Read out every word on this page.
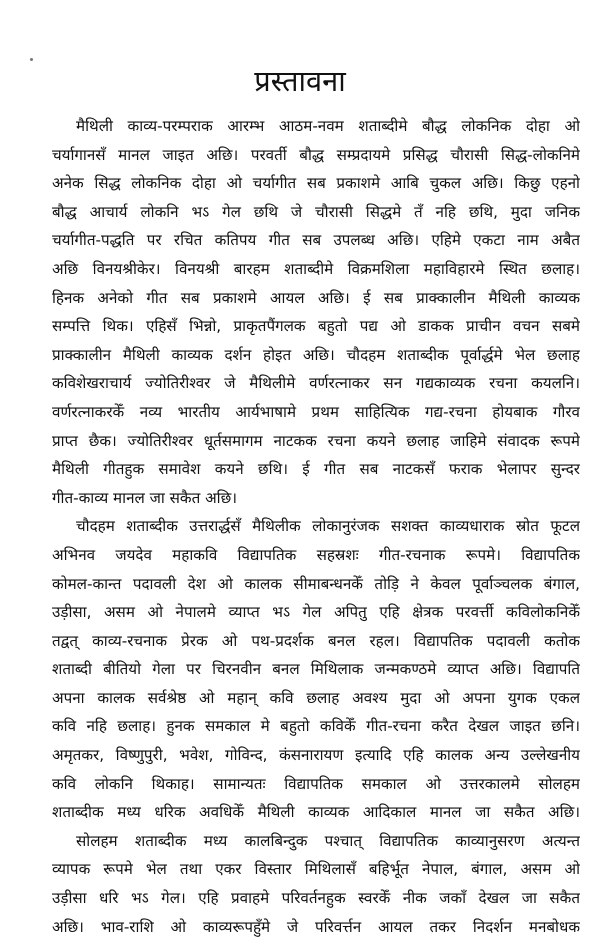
प्रस्तावना
मैथिली काव्य-परम्पराक आरम्भ आठम-नवम शताब्दीमे बौद्ध लोकनिक दोहा ओ
चर्यागानसँ मानल जाइत अछि। परवर्ती बौद्ध सम्प्रदायमे प्रसिद्ध चौरासी सिद्ध-लोकनिमे
अनेक सिद्ध लोकनिक दोहा ओ चर्यागीत सब प्रकाशमे आबि चुकल अछि। किछु एहनो
बौद्ध आचार्य लोकनि भऽ गेल छथि जे चौरासी सिद्धमे तँ नहि छथि, मुदा जनिक
चर्यागीत-पद्धति पर रचित कतिपय गीत सब उपलब्ध अछि। एहिमे एकटा नाम अबैत
अछि विनयश्रीकेर। विनयश्री बारहम शताब्दीमे विक्रमशिला महाविहारमे स्थित छलाह।
हिनक अनेको गीत सब प्रकाशमे आयल अछि। ई सब प्राक्कालीन मैथिली काव्यक
सम्पत्ति थिक। एहिसँ भिन्नो, प्राकृतपैंगलक बहुतो पद्य ओ डाकक प्राचीन वचन सबमे
प्राक्कालीन मैथिली काव्यक दर्शन होइत अछि। चौदहम शताब्दीक पूर्वार्द्धमे भेल छलाह
कविशेखराचार्य ज्योतिरीश्वर जे मैथिलीमे वर्णरत्नाकर सन गद्यकाव्यक रचना कयलनि।
वर्णरत्नाकरकेँ नव्य भारतीय आर्यभाषामे प्रथम साहित्यिक गद्य-रचना होयबाक गौरव
प्राप्त छैक। ज्योतिरीश्वर धूर्तसमागम नाटकक रचना कयने छलाह जाहिमे संवादक रूपमे
मैथिली गीतहुक समावेश कयने छथि। ई गीत सब नाटकसँ फराक भेलापर सुन्दर
गीत-काव्य मानल जा सकैत अछि।
चौदहम शताब्दीक उत्तरार्द्धसँ मैथिलीक लोकानुरंजक सशक्त काव्यधाराक स्रोत फूटल
अभिनव जयदेव महाकवि विद्यापतिक सहस्रशः गीत-रचनाक रूपमे। विद्यापतिक
कोमल-कान्त पदावली देश ओ कालक सीमाबन्धनकेँ तोड़ि ने केवल पूर्वाञ्चलक बंगाल,
उड़ीसा, असम ओ नेपालमे व्याप्त भऽ गेल अपितु एहि क्षेत्रक परवर्त्ती कविलोकनिकेँ
तद्वत् काव्य-रचनाक प्रेरक ओ पथ-प्रदर्शक बनल रहल। विद्यापतिक पदावली कतोक
शताब्दी बीतियो गेला पर चिरनवीन बनल मिथिलाक जन्मकण्ठमे व्याप्त अछि। विद्यापति
अपना कालक सर्वश्रेष्ठ ओ महान् कवि छलाह अवश्य मुदा ओ अपना युगक एकल
कवि नहि छलाह। हुनक समकाल मे बहुतो कविकेँ गीत-रचना करैत देखल जाइत छनि।
अमृतकर, विष्णुपुरी, भवेश, गोविन्द, कंसनारायण इत्यादि एहि कालक अन्य उल्लेखनीय
कवि लोकनि थिकाह। सामान्यतः विद्यापतिक समकाल ओ उत्तरकालमे सोलहम
शताब्दीक मध्य धरिक अवधिकेँ मैथिली काव्यक आदिकाल मानल जा सकैत अछि।
सोलहम शताब्दीक मध्य कालबिन्दुक पश्चात् विद्यापतिक काव्यानुसरण अत्यन्त
व्यापक रूपमे भेल तथा एकर विस्तार मिथिलासँ बहिर्भूत नेपाल, बंगाल, असम ओ
उड़ीसा धरि भऽ गेल। एहि प्रवाहमे परिवर्तनहुक स्वरकेँ नीक जकाँ देखल जा सकैत
अछि। भाव-राशि ओ काव्यरूपहुँमे जे परिवर्त्तन आयल तकर निदर्शन मनबोधक
